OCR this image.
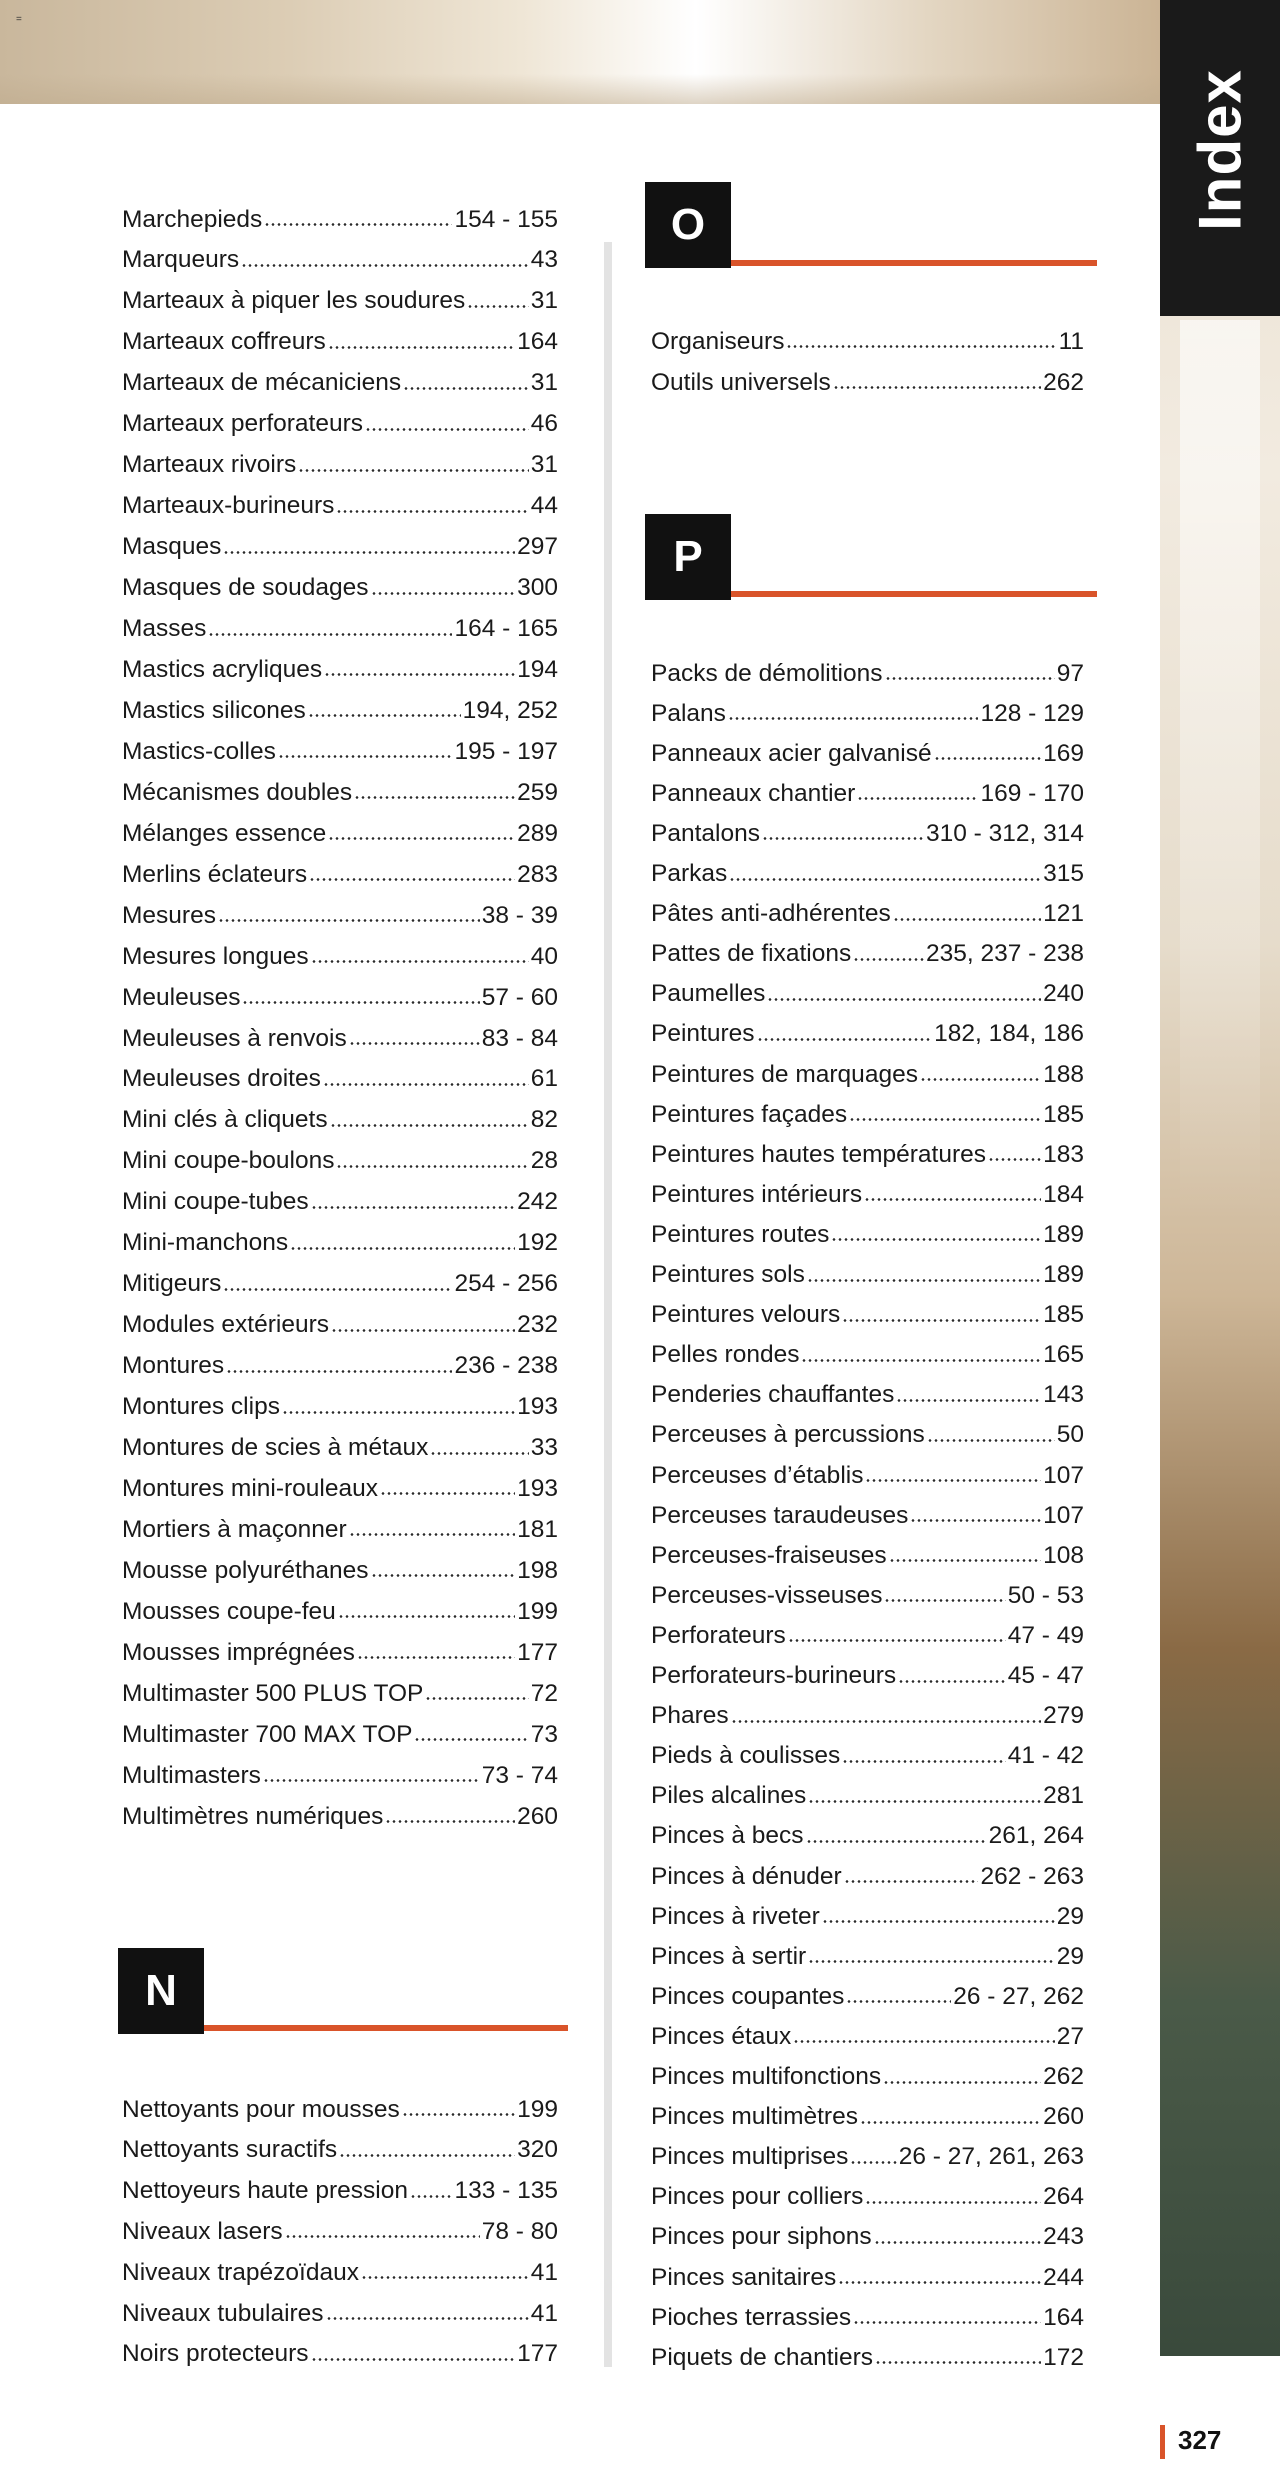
=
Index
O
P
N
Marchepieds	154 - 155
Marqueurs	43
Marteaux à piquer les soudures	31
Marteaux coffreurs	164
Marteaux de mécaniciens	31
Marteaux perforateurs	46
Marteaux rivoirs	31
Marteaux-burineurs	44
Masques	297
Masques de soudages	300
Masses	164 - 165
Mastics acryliques	194
Mastics silicones	194, 252
Mastics-colles	195 - 197
Mécanismes doubles	259
Mélanges essence	289
Merlins éclateurs	283
Mesures	38 - 39
Mesures longues	40
Meuleuses	57 - 60
Meuleuses à renvois	83 - 84
Meuleuses droites	61
Mini clés à cliquets	82
Mini coupe-boulons	28
Mini coupe-tubes	242
Mini-manchons	192
Mitigeurs	254 - 256
Modules extérieurs	232
Montures	236 - 238
Montures clips	193
Montures de scies à métaux	33
Montures mini-rouleaux	193
Mortiers à maçonner	181
Mousse polyuréthanes	198
Mousses coupe-feu	199
Mousses imprégnées	177
Multimaster 500 PLUS TOP	72
Multimaster 700 MAX TOP	73
Multimasters	73 - 74
Multimètres numériques	260
Nettoyants pour mousses	199
Nettoyants suractifs	320
Nettoyeurs haute pression 133 - 135
Niveaux lasers	78 - 80
Niveaux trapézoïdaux	41
Niveaux tubulaires	41
Noirs protecteurs	177
Organiseurs	11
Outils universels	262
Packs de démolitions	97
Palans	128 - 129
Panneaux acier galvanisé	169
Panneaux chantier	169 - 170
Pantalons	310 - 312, 314
Parkas	315
Pâtes anti-adhérentes	121
Pattes de fixations	235, 237 - 238
Paumelles	240
Peintures	182, 184, 186
Peintures de marquages	188
Peintures façades	185
Peintures hautes températures 183
Peintures intérieurs	184
Peintures routes	189
Peintures sols	189
Peintures velours	185
Pelles rondes	165
Penderies chauffantes	143
Perceuses à percussions	50
Perceuses d’établis	107
Perceuses taraudeuses	107
Perceuses-fraiseuses	108
Perceuses-visseuses	50 - 53
Perforateurs	47 - 49
Perforateurs-burineurs	45 - 47
Phares	279
Pieds à coulisses	41 - 42
Piles alcalines	281
Pinces à becs	261, 264
Pinces à dénuder	262 - 263
Pinces à riveter	29
Pinces à sertir	29
Pinces coupantes	26 - 27, 262
Pinces étaux	27
Pinces multifonctions	262
Pinces multimètres	260
Pinces multiprises 26 - 27, 261, 263
Pinces pour colliers	264
Pinces pour siphons	243
Pinces sanitaires	244
Pioches terrassies	164
Piquets de chantiers	172
327
